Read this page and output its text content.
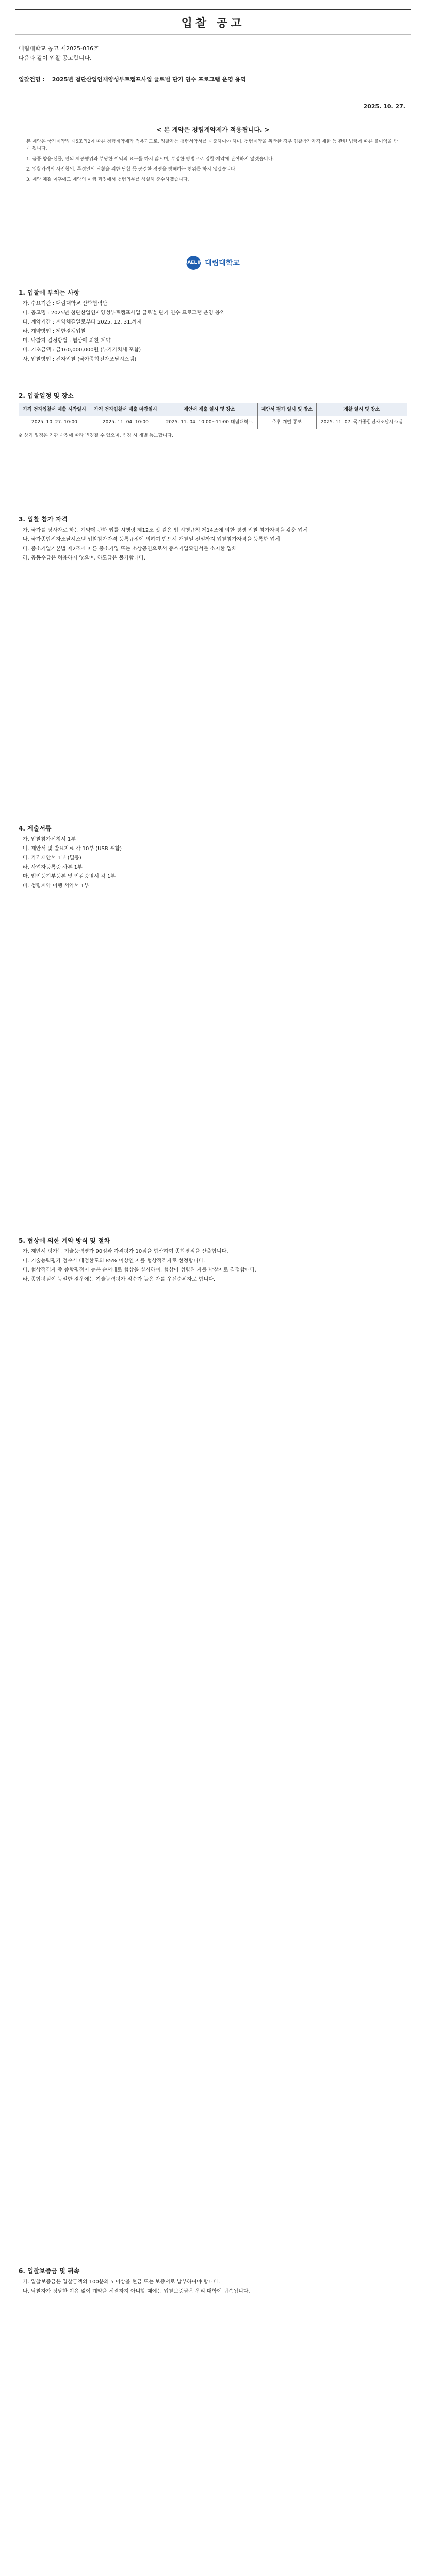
입찰 공고
대림대학교 공고 제2025-036호
다음과 같이 입찰 공고합니다.
입찰건명 : 2025년 첨단산업인재양성부트캠프사업 글로벌 단기 연수 프로그램 운영 용역
2025. 10. 27.
< 본 계약은 청렴계약제가 적용됩니다. >

본 계약은 국가계약법 제5조의2에 따른 청렴계약제가 적용되므로, 입찰자는 청렴서약서를 제출하여야 하며, 청렴계약을 위반한 경우 입찰참가자격 제한 등 관련 법령에 따른 불이익을 받게 됩니다.

1. 금품·향응·선물, 편의 제공행위와 부당한 이익의 요구를 하지 않으며, 부정한 방법으로 입찰·계약에 관여하지 않겠습니다.

2. 입찰가격의 사전협의, 특정인의 낙찰을 위한 담합 등 공정한 경쟁을 방해하는 행위를 하지 않겠습니다.

3. 계약 체결 이후에도 계약의 이행 과정에서 청렴의무를 성실히 준수하겠습니다.

DAELIM 대림대학교
1. 입찰에 부치는 사항
가. 수요기관 : 대림대학교 산학협력단
나. 공고명 : 2025년 첨단산업인재양성부트캠프사업 글로벌 단기 연수 프로그램 운영 용역
다. 계약기간 : 계약체결일로부터 2025. 12. 31.까지
라. 계약방법 : 제한경쟁입찰
마. 낙찰자 결정방법 : 협상에 의한 계약
바. 기초금액 : 금160,000,000원 (부가가치세 포함)
사. 입찰방법 : 전자입찰 (국가종합전자조달시스템)
2. 입찰일정 및 장소
가격 전자입찰서 제출 시작일시	가격 전자입찰서 제출 마감일시	제안서 제출 일시 및 장소	제안서 평가 일시 및 장소	개찰 일시 및 장소
2025. 10. 27. 10:00	2025. 11. 04. 10:00	2025. 11. 04. 10:00~11:00 대림대학교	추후 개별 통보	2025. 11. 07. 국가종합전자조달시스템
※ 상기 일정은 기관 사정에 따라 변경될 수 있으며, 변경 시 개별 통보합니다.
3. 입찰 참가 자격
가. 국가를 당사자로 하는 계약에 관한 법률 시행령 제12조 및 같은 법 시행규칙 제14조에 의한 경쟁 입찰 참가자격을 갖춘 업체
나. 국가종합전자조달시스템 입찰참가자격 등록규정에 의하여 반드시 개찰일 전일까지 입찰참가자격을 등록한 업체
다. 중소기업기본법 제2조에 따른 중소기업 또는 소상공인으로서 중소기업확인서를 소지한 업체
라. 공동수급은 허용하지 않으며, 하도급은 불가합니다.
4. 제출서류
가. 입찰참가신청서 1부
나. 제안서 및 발표자료 각 10부 (USB 포함)
다. 가격제안서 1부 (밀봉)
라. 사업자등록증 사본 1부
마. 법인등기부등본 및 인감증명서 각 1부
바. 청렴계약 이행 서약서 1부
5. 협상에 의한 계약 방식 및 절차
가. 제안서 평가는 기술능력평가 90점과 가격평가 10점을 합산하여 종합평점을 산출합니다.
나. 기술능력평가 점수가 배점한도의 85% 이상인 자를 협상적격자로 선정합니다.
다. 협상적격자 중 종합평점이 높은 순서대로 협상을 실시하며, 협상이 성립된 자를 낙찰자로 결정합니다.
라. 종합평점이 동일한 경우에는 기술능력평가 점수가 높은 자를 우선순위자로 합니다.
6. 입찰보증금 및 귀속
가. 입찰보증금은 입찰금액의 100분의 5 이상을 현금 또는 보증서로 납부하여야 합니다.
나. 낙찰자가 정당한 이유 없이 계약을 체결하지 아니할 때에는 입찰보증금은 우리 대학에 귀속됩니다.
